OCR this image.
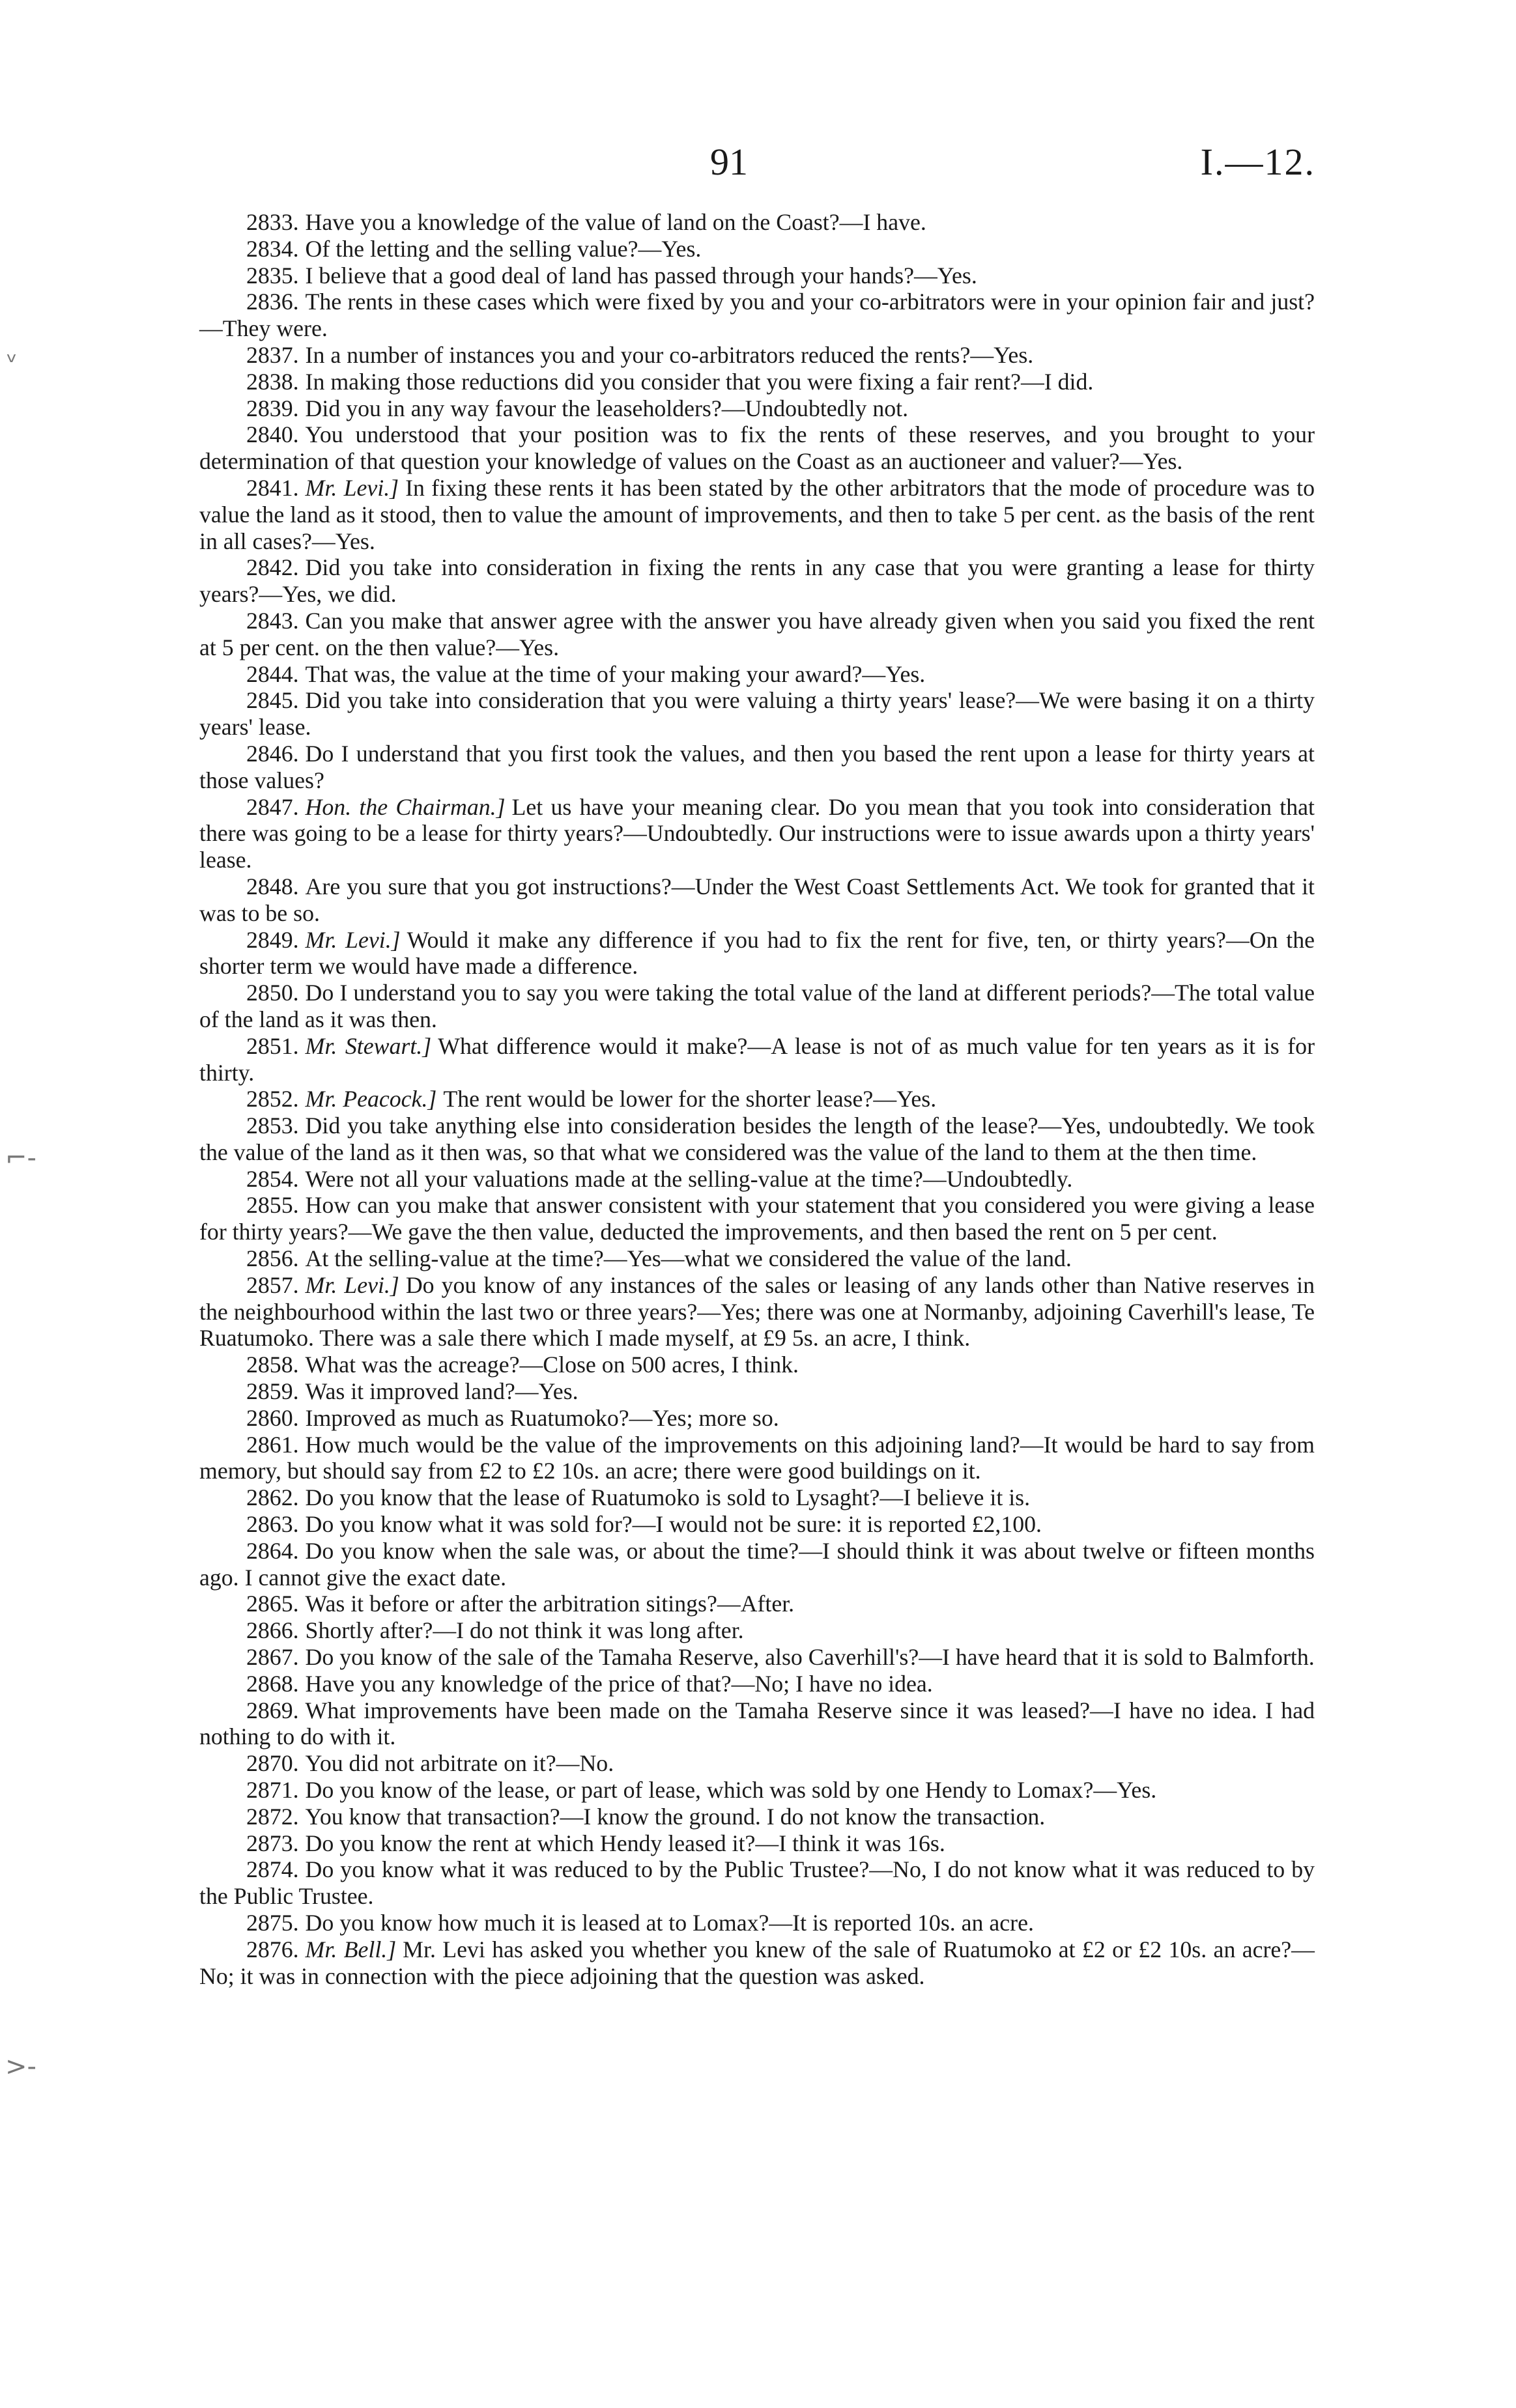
91	I.—12.
ᵥ
⌐-
>-

2833. Have you a knowledge of the value of land on the Coast?—I have.

2834. Of the letting and the selling value?—Yes.

2835. I believe that a good deal of land has passed through your hands?—Yes.

2836. The rents in these cases which were fixed by you and your co-arbitrators were in your opinion fair and just?—They were.

2837. In a number of instances you and your co-arbitrators reduced the rents?—Yes.

2838. In making those reductions did you consider that you were fixing a fair rent?—I did.

2839. Did you in any way favour the leaseholders?—Undoubtedly not.

2840. You understood that your position was to fix the rents of these reserves, and you brought to your determination of that question your knowledge of values on the Coast as an auctioneer and valuer?—Yes.

2841. Mr. Levi.] In fixing these rents it has been stated by the other arbitrators that the mode of procedure was to value the land as it stood, then to value the amount of improvements, and then to take 5 per cent. as the basis of the rent in all cases?—Yes.

2842. Did you take into consideration in fixing the rents in any case that you were granting a lease for thirty years?—Yes, we did.

2843. Can you make that answer agree with the answer you have already given when you said you fixed the rent at 5 per cent. on the then value?—Yes.

2844. That was, the value at the time of your making your award?—Yes.

2845. Did you take into consideration that you were valuing a thirty years' lease?—We were basing it on a thirty years' lease.

2846. Do I understand that you first took the values, and then you based the rent upon a lease for thirty years at those values?

2847. Hon. the Chairman.] Let us have your meaning clear. Do you mean that you took into consideration that there was going to be a lease for thirty years?—Undoubtedly. Our instructions were to issue awards upon a thirty years' lease.

2848. Are you sure that you got instructions?—Under the West Coast Settlements Act. We took for granted that it was to be so.

2849. Mr. Levi.] Would it make any difference if you had to fix the rent for five, ten, or thirty years?—On the shorter term we would have made a difference.

2850. Do I understand you to say you were taking the total value of the land at different periods?—The total value of the land as it was then.

2851. Mr. Stewart.] What difference would it make?—A lease is not of as much value for ten years as it is for thirty.

2852. Mr. Peacock.] The rent would be lower for the shorter lease?—Yes.

2853. Did you take anything else into consideration besides the length of the lease?—Yes, undoubtedly. We took the value of the land as it then was, so that what we considered was the value of the land to them at the then time.

2854. Were not all your valuations made at the selling-value at the time?—Undoubtedly.

2855. How can you make that answer consistent with your statement that you considered you were giving a lease for thirty years?—We gave the then value, deducted the improvements, and then based the rent on 5 per cent.

2856. At the selling-value at the time?—Yes—what we considered the value of the land.

2857. Mr. Levi.] Do you know of any instances of the sales or leasing of any lands other than Native reserves in the neighbourhood within the last two or three years?—Yes; there was one at Normanby, adjoining Caverhill's lease, Te Ruatumoko. There was a sale there which I made myself, at £9 5s. an acre, I think.

2858. What was the acreage?—Close on 500 acres, I think.

2859. Was it improved land?—Yes.

2860. Improved as much as Ruatumoko?—Yes; more so.

2861. How much would be the value of the improvements on this adjoining land?—It would be hard to say from memory, but should say from £2 to £2 10s. an acre; there were good buildings on it.

2862. Do you know that the lease of Ruatumoko is sold to Lysaght?—I believe it is.

2863. Do you know what it was sold for?—I would not be sure: it is reported £2,100.

2864. Do you know when the sale was, or about the time?—I should think it was about twelve or fifteen months ago. I cannot give the exact date.

2865. Was it before or after the arbitration sitings?—After.

2866. Shortly after?—I do not think it was long after.

2867. Do you know of the sale of the Tamaha Reserve, also Caverhill's?—I have heard that it is sold to Balmforth.

2868. Have you any knowledge of the price of that?—No; I have no idea.

2869. What improvements have been made on the Tamaha Reserve since it was leased?—I have no idea. I had nothing to do with it.

2870. You did not arbitrate on it?—No.

2871. Do you know of the lease, or part of lease, which was sold by one Hendy to Lomax?—Yes.

2872. You know that transaction?—I know the ground. I do not know the transaction.

2873. Do you know the rent at which Hendy leased it?—I think it was 16s.

2874. Do you know what it was reduced to by the Public Trustee?—No, I do not know what it was reduced to by the Public Trustee.

2875. Do you know how much it is leased at to Lomax?—It is reported 10s. an acre.

2876. Mr. Bell.] Mr. Levi has asked you whether you knew of the sale of Ruatumoko at £2 or £2 10s. an acre?—No; it was in connection with the piece adjoining that the question was asked.
